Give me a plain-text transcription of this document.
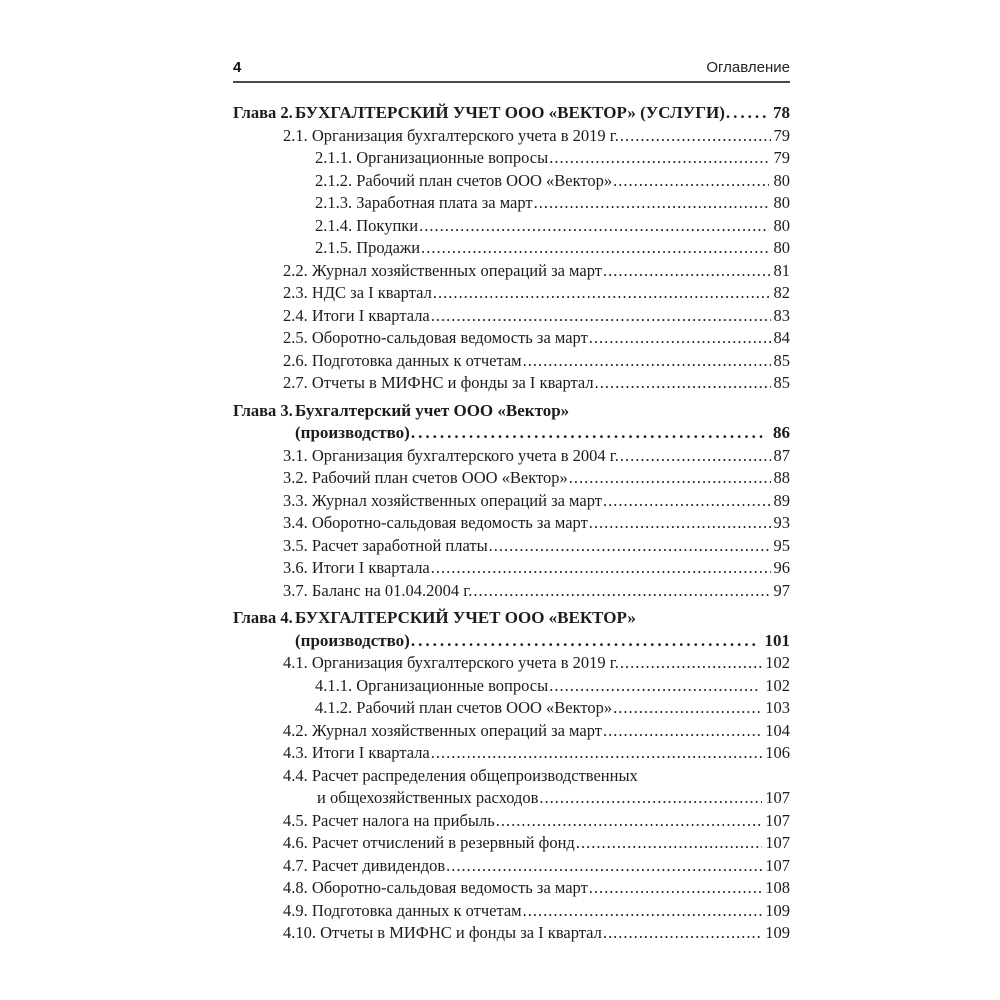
4	Оглавление
Глава 2. БУХГАЛТЕРСКИЙ УЧЕТ ООО «ВЕКТОР» (УСЛУГИ) .....	78
2.1. Организация бухгалтерского учета в 2019 г. .....	79
2.1.1. Организационные вопросы .....	79
2.1.2. Рабочий план счетов ООО «Вектор» .....	80
2.1.3. Заработная плата за март .....	80
2.1.4. Покупки .....	80
2.1.5. Продажи .....	80
2.2. Журнал хозяйственных операций за март .....	81
2.3. НДС за I квартал .....	82
2.4. Итоги I квартала .....	83
2.5. Оборотно-сальдовая ведомость за март .....	84
2.6. Подготовка данных к отчетам .....	85
2.7. Отчеты в МИФНС и фонды за I квартал .....	85
Глава 3. Бухгалтерский учет ООО «Вектор»
(производство) .....	86
3.1. Организация бухгалтерского учета в 2004 г. .....	87
3.2. Рабочий план счетов ООО «Вектор» .....	88
3.3. Журнал хозяйственных операций за март .....	89
3.4. Оборотно-сальдовая ведомость за март .....	93
3.5. Расчет заработной платы .....	95
3.6. Итоги I квартала .....	96
3.7. Баланс на 01.04.2004 г. .....	97
Глава 4. БУХГАЛТЕРСКИЙ УЧЕТ ООО «ВЕКТОР»
(производство) .....	101
4.1. Организация бухгалтерского учета в 2019 г. .....	102
4.1.1. Организационные вопросы .....	102
4.1.2. Рабочий план счетов ООО «Вектор» .....	103
4.2. Журнал хозяйственных операций за март .....	104
4.3. Итоги I квартала .....	106
4.4. Расчет распределения общепроизводственных
и общехозяйственных расходов .....	107
4.5. Расчет налога на прибыль .....	107
4.6. Расчет отчислений в резервный фонд .....	107
4.7. Расчет дивидендов .....	107
4.8. Оборотно-сальдовая ведомость за март .....	108
4.9. Подготовка данных к отчетам .....	109
4.10. Отчеты в МИФНС и фонды за I квартал .....	109
